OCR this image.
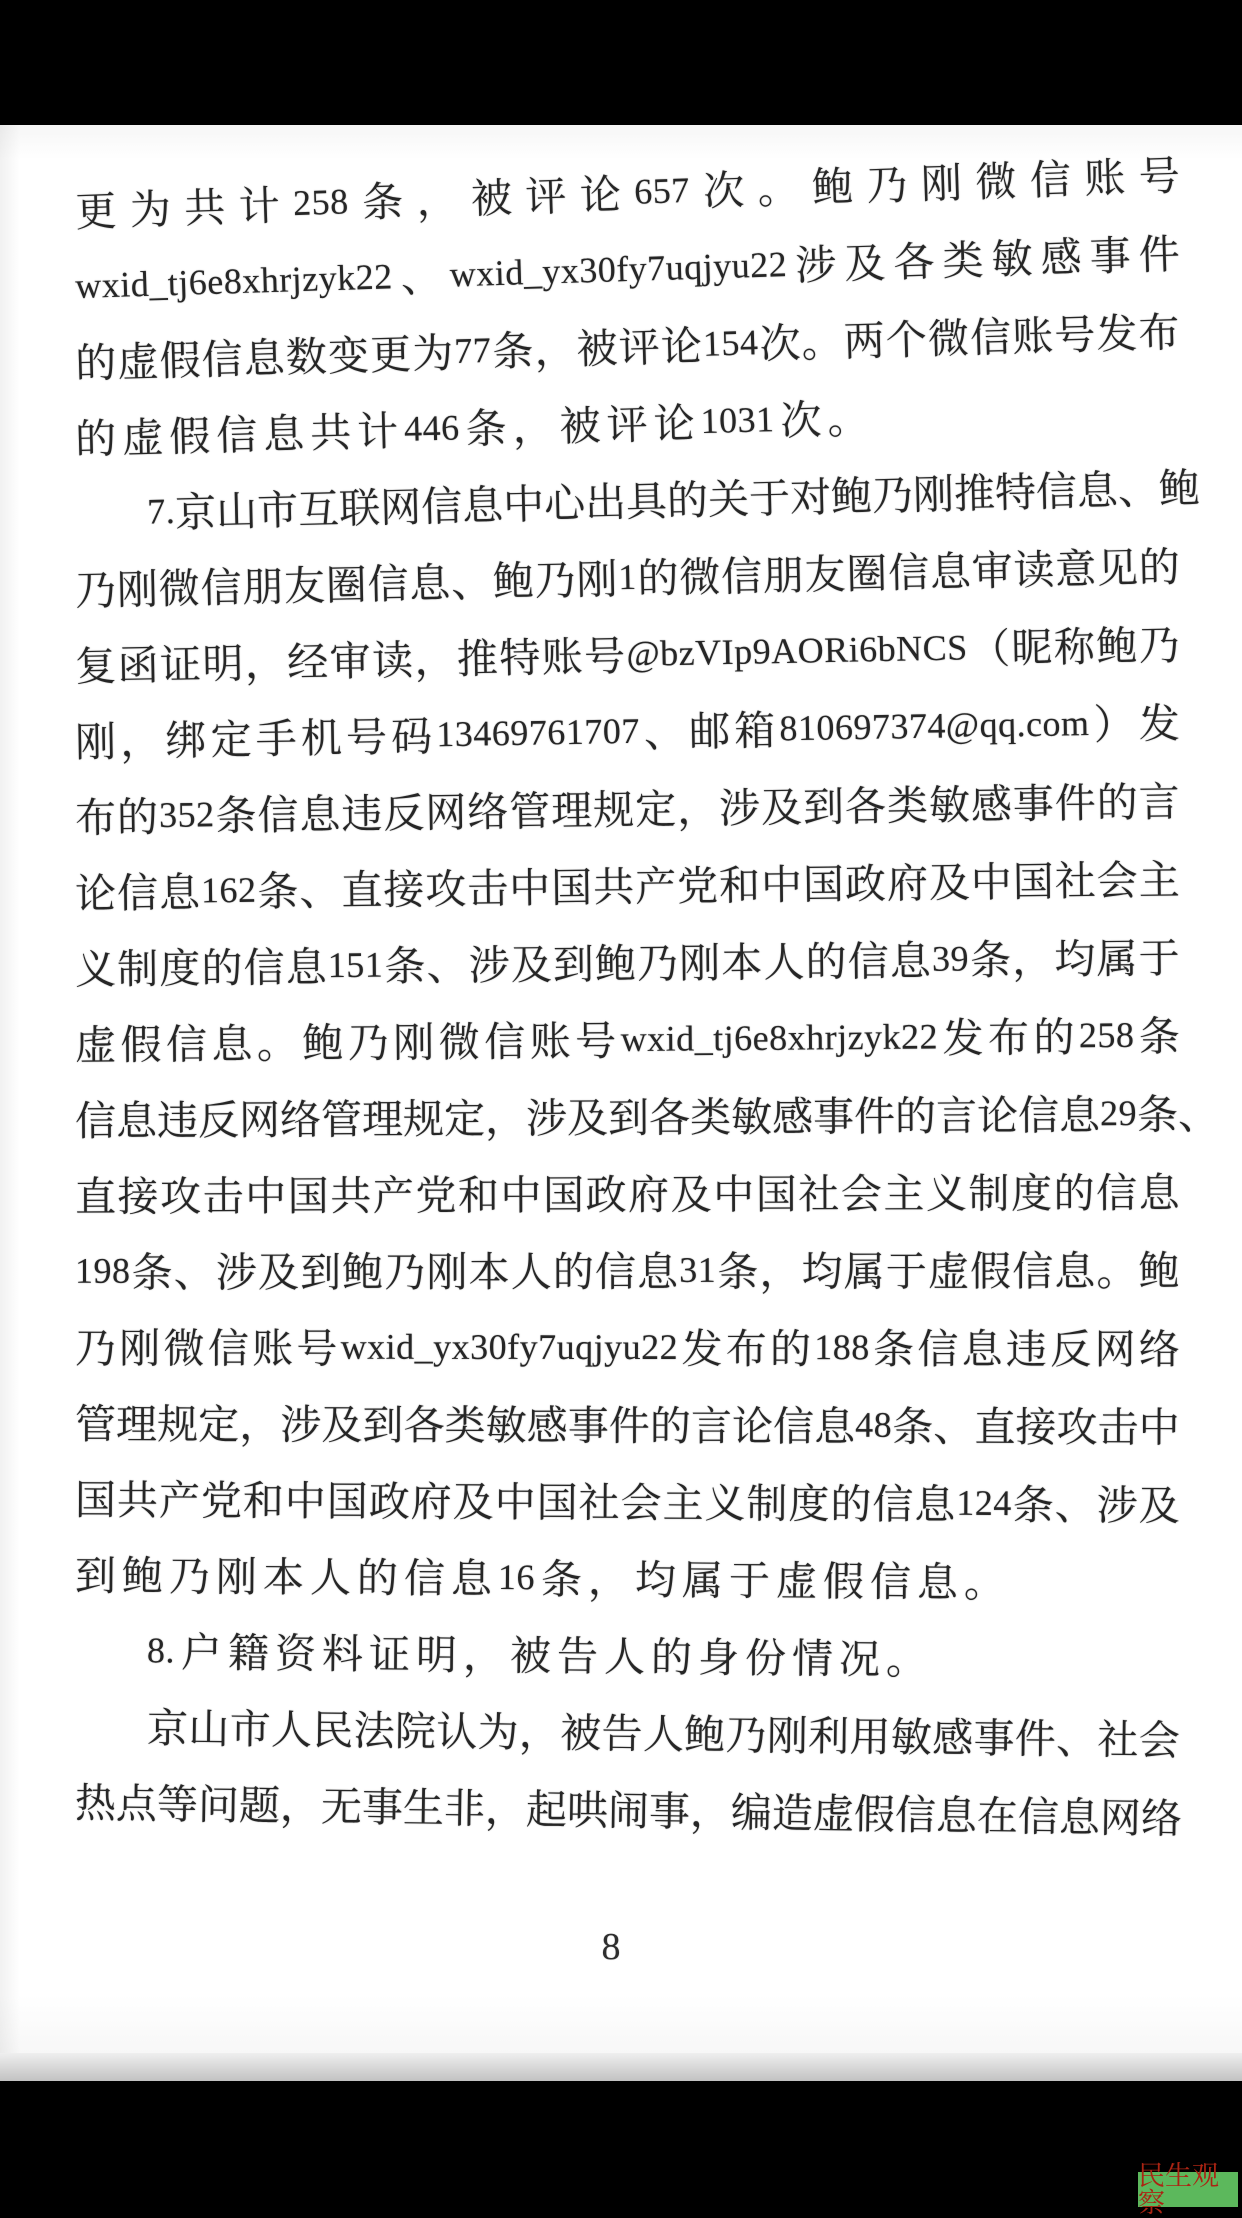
更 为 共 计 258 条 ， 被 评 论 657 次 。 鲍 乃 刚 微 信 账 号
wxid_tj6e8xhrjzyk22 、 wxid_yx30fy7uqjyu22 涉 及 各 类 敏 感 事 件
的 虚 假 信 息 数 变 更 为 77 条 ， 被 评 论 154 次 。 两 个 微 信 账 号 发 布
的 虚 假 信 息 共 计 446 条 ， 被 评 论 1031 次 。
7. 京
山
市
互
联
网
信
息
中
心
出
具
的
关
于
对
鲍
乃
刚
推
特
信
息
、
鲍
乃 刚 微 信 朋 友 圈 信 息 、 鲍 乃 刚 1 的 微 信 朋 友 圈 信 息 审 读 意 见 的
复 函 证 明 ， 经 审 读 ， 推 特 账 号 @bzVIp9AORi6bNCS （ 昵 称 鲍 乃
刚 ， 绑 定 手 机 号 码 13469761707 、 邮 箱 810697374@qq.com ） 发
布 的 352 条 信 息 违 反 网 络 管 理 规 定 ， 涉 及 到 各 类 敏 感 事 件 的 言
论 信 息 162 条 、 直 接 攻 击 中 国 共 产 党 和 中 国 政 府 及 中 国 社 会 主
义 制 度 的 信 息 151 条 、 涉 及 到 鲍 乃 刚 本 人 的 信 息 39 条 ， 均 属 于
虚 假 信 息 。 鲍 乃 刚 微 信 账 号 wxid_tj6e8xhrjzyk22 发 布 的 258 条
信 息 违 反 网 络 管 理 规 定 ， 涉 及 到 各 类 敏 感 事 件 的 言 论 信 息 29 条 、
直 接 攻 击 中 国 共 产 党 和 中 国 政 府 及 中 国 社 会 主 义 制 度 的 信 息
198 条 、 涉 及 到 鲍 乃 刚 本 人 的 信 息 31 条 ， 均 属 于 虚 假 信 息 。 鲍
乃 刚 微 信 账 号 wxid_yx30fy7uqjyu22 发 布 的 188 条 信 息 违 反 网 络
管 理 规 定 ， 涉 及 到 各 类 敏 感 事 件 的 言 论 信 息 48 条 、 直 接 攻 击 中
国 共 产 党 和 中 国 政 府 及 中 国 社 会 主 义 制 度 的 信 息 124 条 、 涉 及
到 鲍 乃 刚 本 人 的 信 息 16 条 ， 均 属 于 虚 假 信 息 。
8. 户 籍 资 料 证 明 ， 被 告 人 的 身 份 情 况 。
京 山 市 人 民 法 院 认 为 ， 被 告 人 鲍 乃 刚 利 用 敏 感 事 件 、 社 会
热 点 等 问 题 ， 无 事 生 非 ， 起 哄 闹 事 ， 编 造 虚 假 信 息 在 信 息 网 络
8
民生观察
